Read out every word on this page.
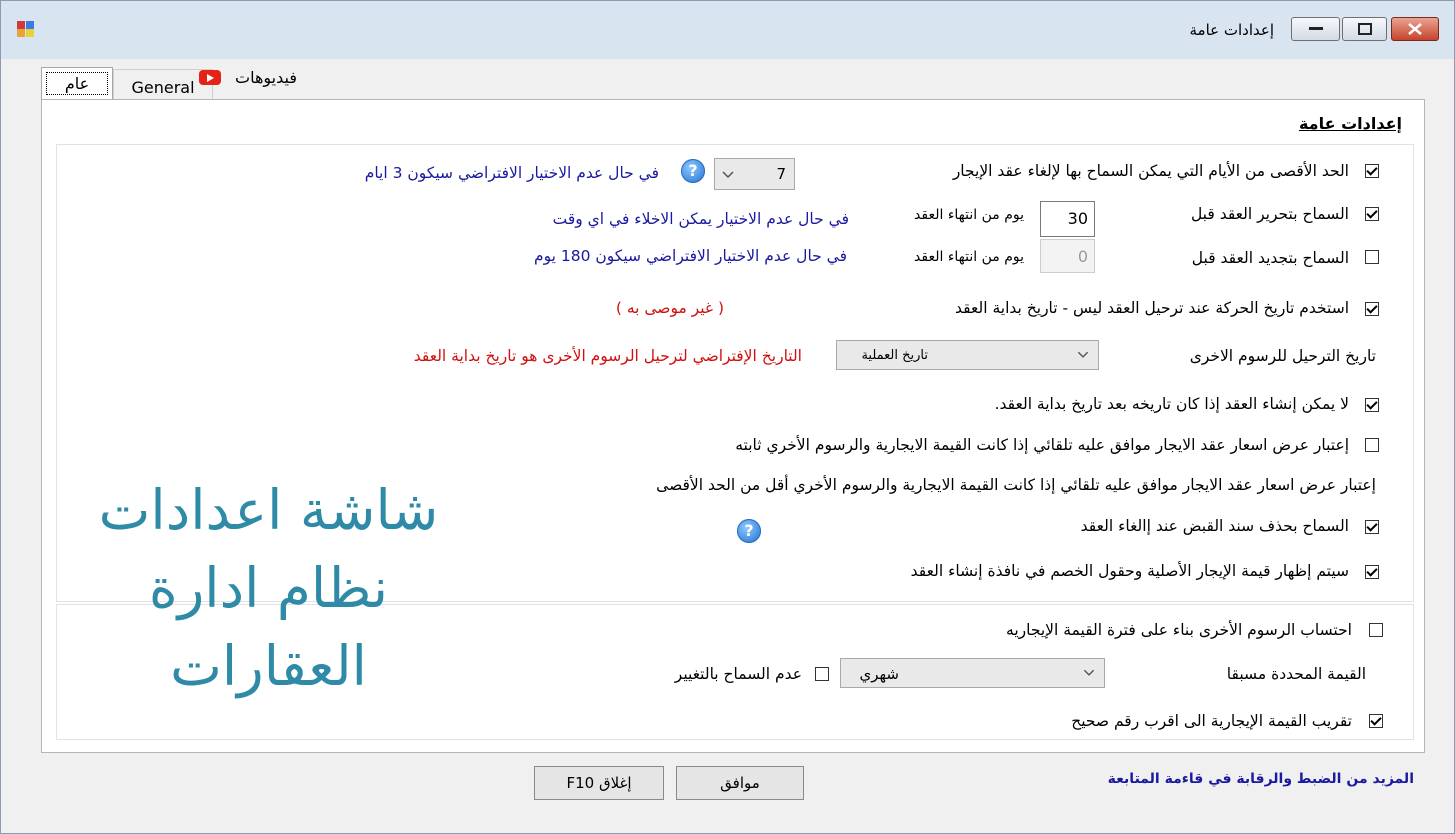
إعدادات عامة
عام	General
فيديوهات
إعدادات عامة
الحد الأقصى من الأيام التي يمكن السماح بها لإلغاء عقد الإيجار
7
?
في حال عدم الاختيار الافتراضي سيكون 3 ايام
السماح بتحرير العقد قبل
30
يوم من انتهاء العقد
في حال عدم الاختيار يمكن الاخلاء في اي وقت
السماح بتجديد العقد قبل
0
يوم من انتهاء العقد
في حال عدم الاختيار الافتراضي سيكون 180 يوم
استخدم تاريخ الحركة عند ترحيل العقد ليس - تاريخ بداية العقد
( غير موصى به )
تاريخ الترحيل للرسوم الاخرى
تاريخ العملية
التاريخ الإفتراضي لترحيل الرسوم الأخرى هو تاريخ بداية العقد
لا يمكن إنشاء العقد إذا كان تاريخه بعد تاريخ بداية العقد.
إعتبار عرض اسعار عقد الايجار موافق عليه تلقائي إذا كانت القيمة الايجارية والرسوم الأخري ثابته
إعتبار عرض اسعار عقد الايجار موافق عليه تلقائي إذا كانت القيمة الايجارية والرسوم الأخري أقل من الحد الأقصى
السماح بحذف سند القبض عند إالغاء العقد
?
سيتم إظهار قيمة الإيجار الأصلية وحقول الخصم في نافذة إنشاء العقد
احتساب الرسوم الأخرى بناء على فترة القيمة الإيجاريه
القيمة المحددة مسبقا
شهري
عدم السماح بالتغيير
تقريب القيمة الإيجارية الى اقرب رقم صحيح
شاشة اعدادات
نظام ادارة
العقارات
موافق
إغلاق F10	المزيد من الضبط والرقابة في قاءمة المتابعة
